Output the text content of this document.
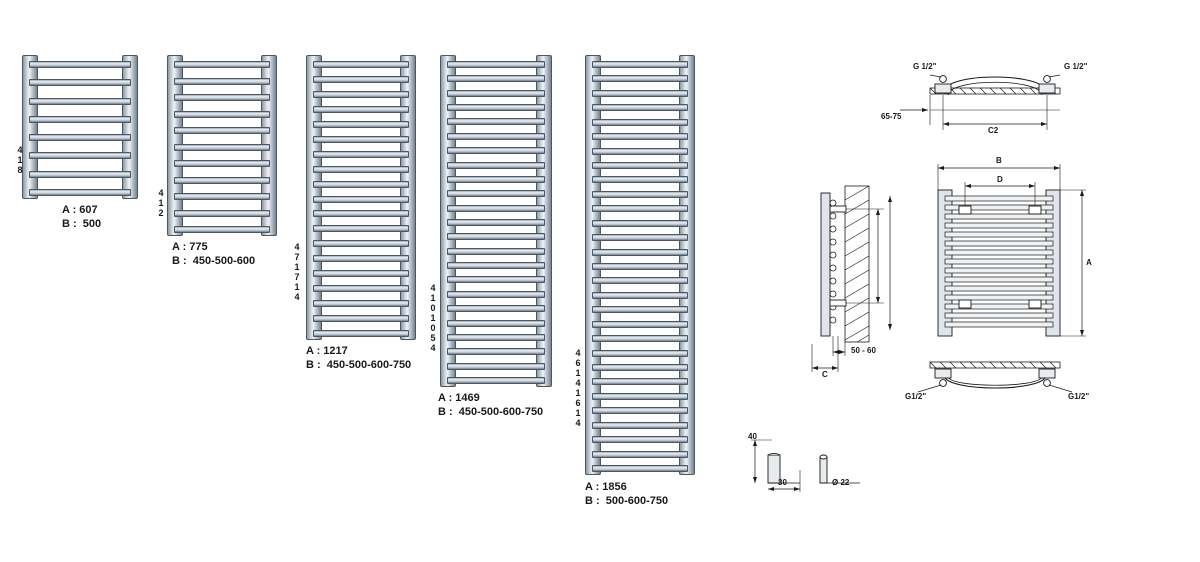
4
1
8
A : 607
B :  500
4
1
2
A : 775
B :  450-500-600
4
7
1
7
1
4
A : 1217
B :  450-500-600-750
4
1
0
1
0
5
4
A : 1469
B :  450-500-600-750
4
6
1
4
1
6
1
4
A : 1856
B :  500-600-750
G 1/2"	G 1/2"
65-75
C2
50 - 60
C
B
D
A
G1/2"	G1/2"
40
30	Ø 22
